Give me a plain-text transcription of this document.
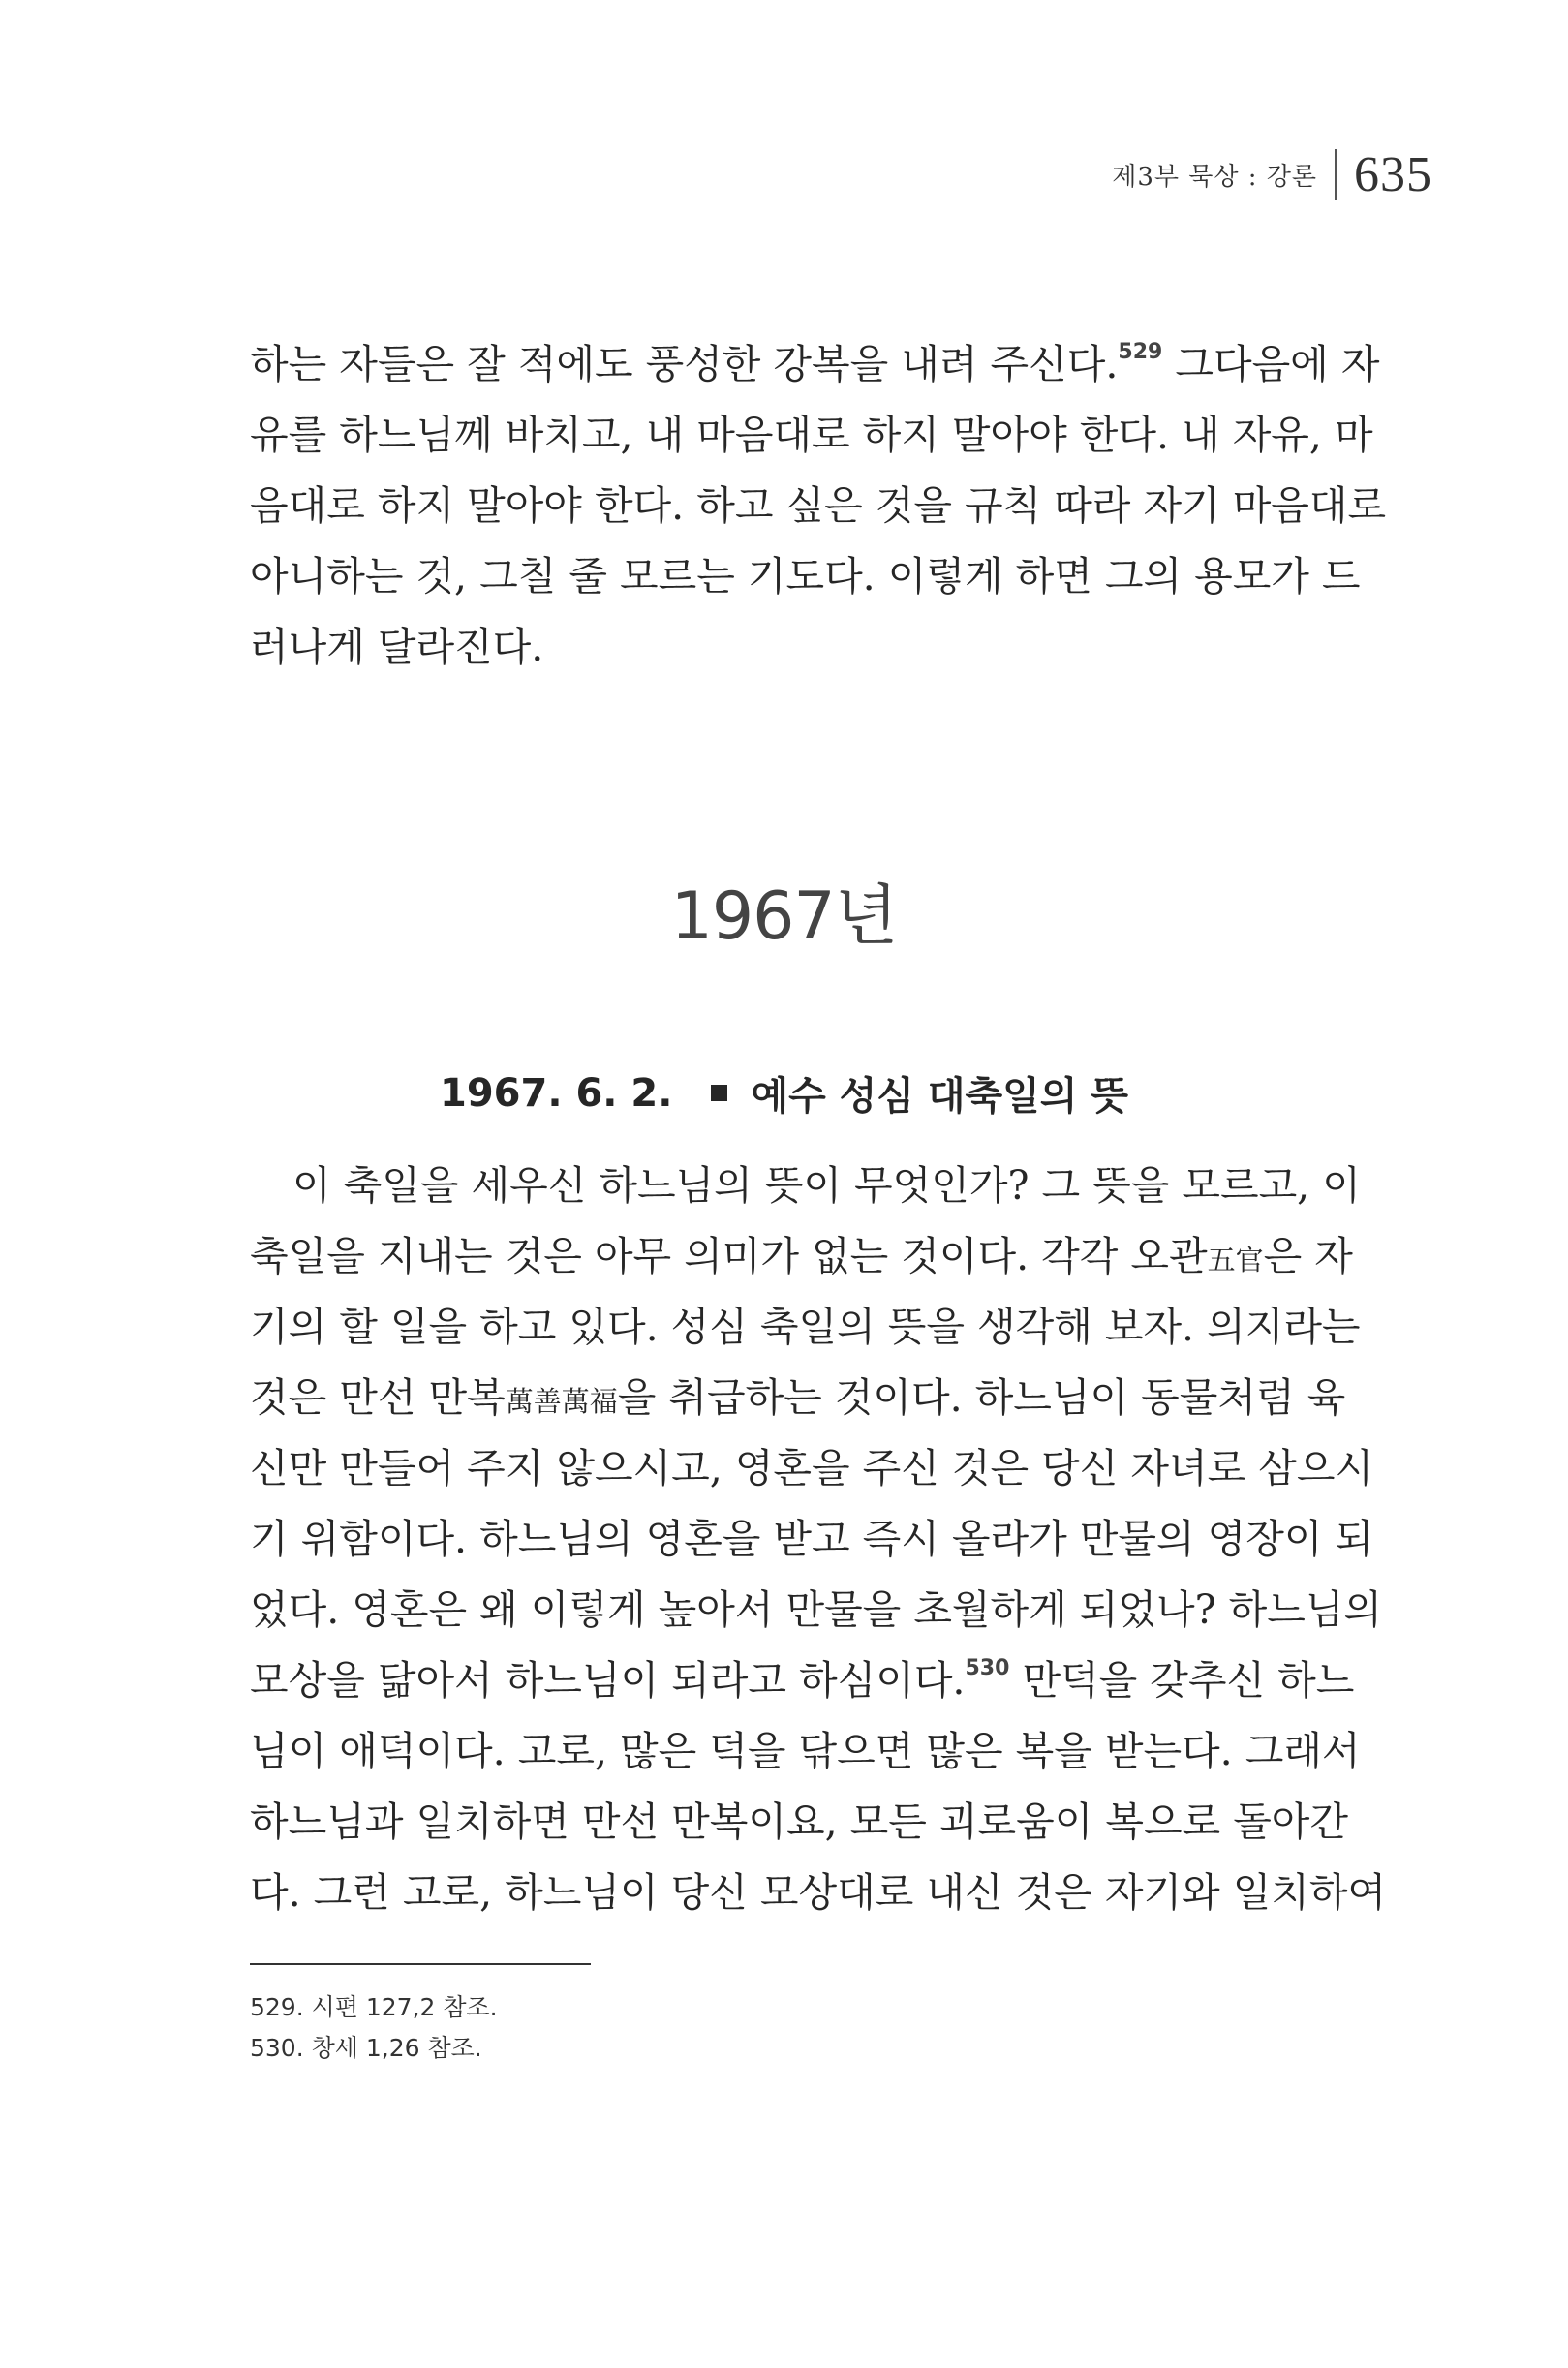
제3부 묵상 : 강론 635
하는 자들은 잘 적에도 풍성한 강복을 내려 주신다.$^{529}$ 그다음에 자
유를 하느님께 바치고, 내 마음대로 하지 말아야 한다. 내 자유, 마
음대로 하지 말아야 한다. 하고 싶은 것을 규칙 따라 자기 마음대로
아니하는 것, 그칠 줄 모르는 기도다. 이렇게 하면 그의 용모가 드
러나게 달라진다.
1967년
1967. 6. 2. 예수 성심 대축일의 뜻
이 축일을 세우신 하느님의 뜻이 무엇인가? 그 뜻을 모르고, 이
축일을 지내는 것은 아무 의미가 없는 것이다. 각각 오관五官은 자
기의 할 일을 하고 있다. 성심 축일의 뜻을 생각해 보자. 의지라는
것은 만선 만복萬善萬福을 취급하는 것이다. 하느님이 동물처럼 육
신만 만들어 주지 않으시고, 영혼을 주신 것은 당신 자녀로 삼으시
기 위함이다. 하느님의 영혼을 받고 즉시 올라가 만물의 영장이 되
었다. 영혼은 왜 이렇게 높아서 만물을 초월하게 되었나? 하느님의
모상을 닮아서 하느님이 되라고 하심이다.$^{530}$ 만덕을 갖추신 하느
님이 애덕이다. 고로, 많은 덕을 닦으면 많은 복을 받는다. 그래서
하느님과 일치하면 만선 만복이요, 모든 괴로움이 복으로 돌아간
다. 그런 고로, 하느님이 당신 모상대로 내신 것은 자기와 일치하여
529. 시편 127,2 참조.
530. 창세 1,26 참조.
